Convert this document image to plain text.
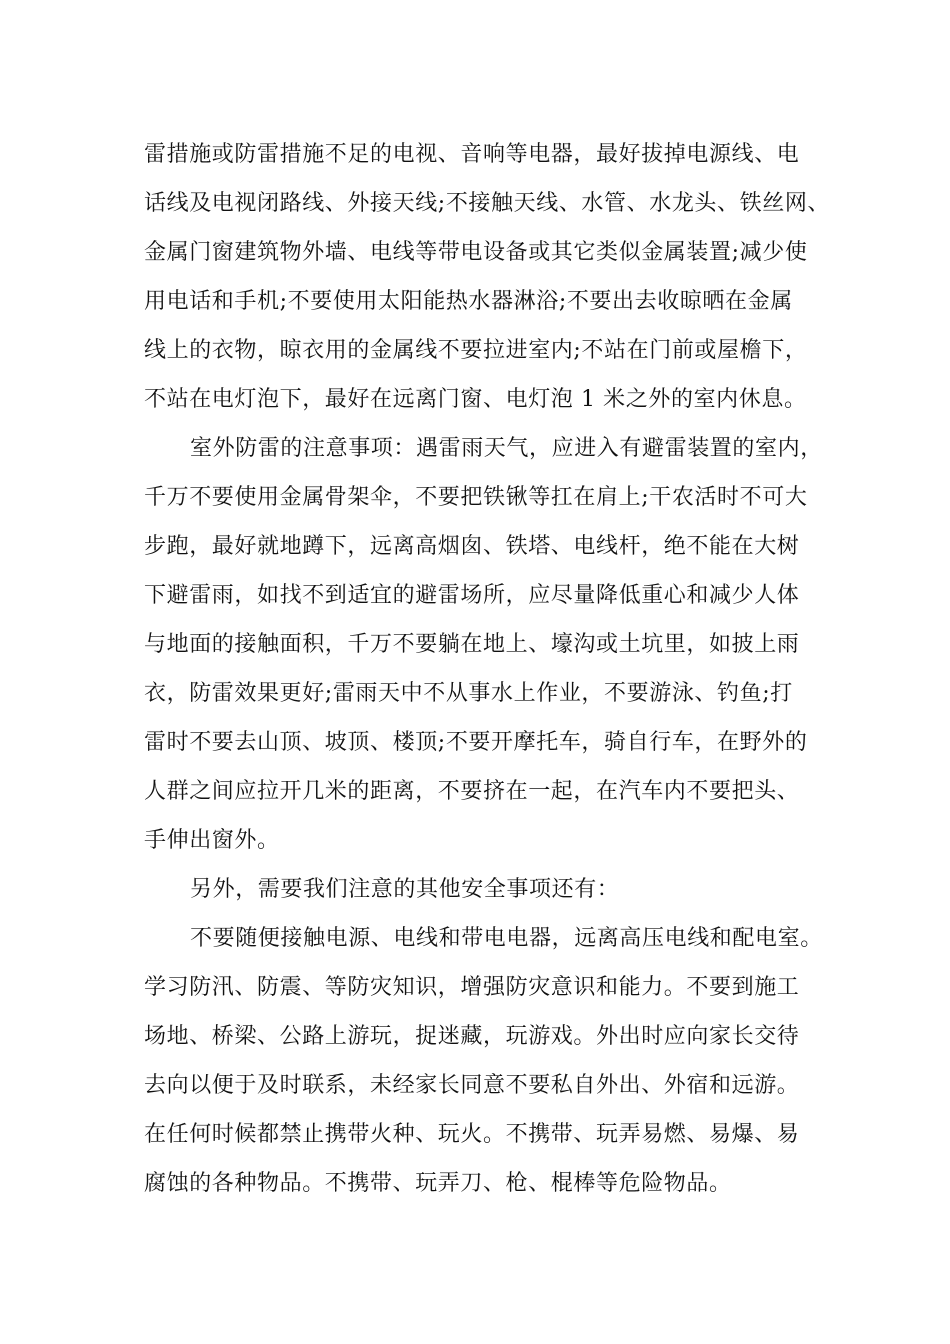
雷措施或防雷措施不足的电视、音响等电器，最好拔掉电源线、电
话线及电视闭路线、外接天线;不接触天线、水管、水龙头、铁丝网、
金属门窗建筑物外墙、电线等带电设备或其它类似金属装置;减少使
用电话和手机;不要使用太阳能热水器淋浴;不要出去收晾晒在金属
线上的衣物，晾衣用的金属线不要拉进室内;不站在门前或屋檐下，
不站在电灯泡下，最好在远离门窗、电灯泡 1 米之外的室内休息。
室外防雷的注意事项：遇雷雨天气，应进入有避雷装置的室内，
千万不要使用金属骨架伞，不要把铁锹等扛在肩上;干农活时不可大
步跑，最好就地蹲下，远离高烟囱、铁塔、电线杆，绝不能在大树
下避雷雨，如找不到适宜的避雷场所，应尽量降低重心和减少人体
与地面的接触面积，千万不要躺在地上、壕沟或土坑里，如披上雨
衣，防雷效果更好;雷雨天中不从事水上作业，不要游泳、钓鱼;打
雷时不要去山顶、坡顶、楼顶;不要开摩托车，骑自行车，在野外的
人群之间应拉开几米的距离，不要挤在一起，在汽车内不要把头、
手伸出窗外。
另外，需要我们注意的其他安全事项还有：
不要随便接触电源、电线和带电电器，远离高压电线和配电室。
学习防汛、防震、等防灾知识，增强防灾意识和能力。不要到施工
场地、桥梁、公路上游玩，捉迷藏，玩游戏。外出时应向家长交待
去向以便于及时联系，未经家长同意不要私自外出、外宿和远游。
在任何时候都禁止携带火种、玩火。不携带、玩弄易燃、易爆、易
腐蚀的各种物品。不携带、玩弄刀、枪、棍棒等危险物品。
